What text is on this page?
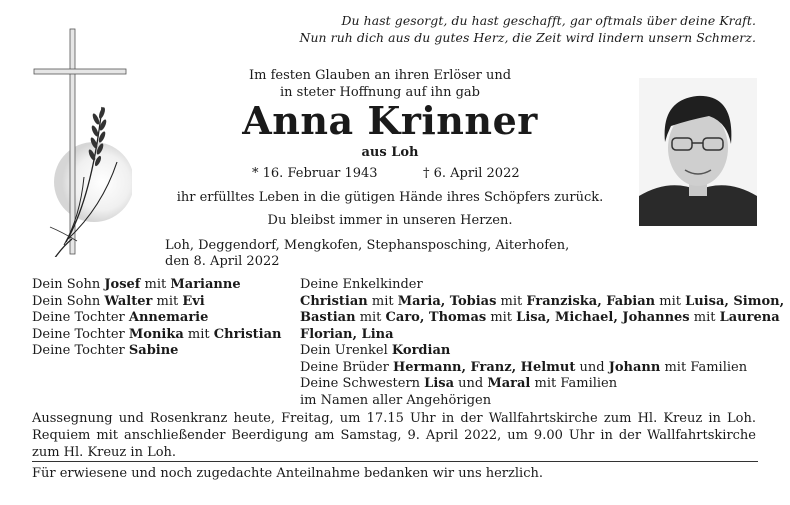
Du hast gesorgt, du hast geschafft, gar oftmals über deine Kraft.
Nun ruh dich aus du gutes Herz, die Zeit wird lindern unsern Schmerz.
Im festen Glauben an ihren Erlöser und
in steter Hoffnung auf ihn gab
Anna Krinner
aus Loh
* 16. Februar 1943	† 6. April 2022
ihr erfülltes Leben in die gütigen Hände ihres Schöpfers zurück.
Du bleibst immer in unseren Herzen.
Loh, Deggendorf, Mengkofen, Stephansposching, Aiterhofen,
den 8. April 2022
Dein Sohn Josef mit Marianne
Dein Sohn Walter mit Evi
Deine Tochter Annemarie
Deine Tochter Monika mit Christian
Deine Tochter Sabine
Deine Enkelkinder
Christian mit Maria, Tobias mit Franziska, Fabian mit Luisa, Simon,
Bastian mit Caro, Thomas mit Lisa, Michael, Johannes mit Laurena
Florian, Lina
Dein Urenkel Kordian
Deine Brüder Hermann, Franz, Helmut und Johann mit Familien
Deine Schwestern Lisa und Maral mit Familien
im Namen aller Angehörigen
Aussegnung und Rosenkranz heute, Freitag, um 17.15 Uhr in der Wallfahrtskirche zum Hl. Kreuz in Loh. Requiem mit anschließender Beerdigung am Samstag, 9. April 2022, um 9.00 Uhr in der Wallfahrtskirche zum Hl. Kreuz in Loh.
Für erwiesene und noch zugedachte Anteilnahme bedanken wir uns herzlich.
